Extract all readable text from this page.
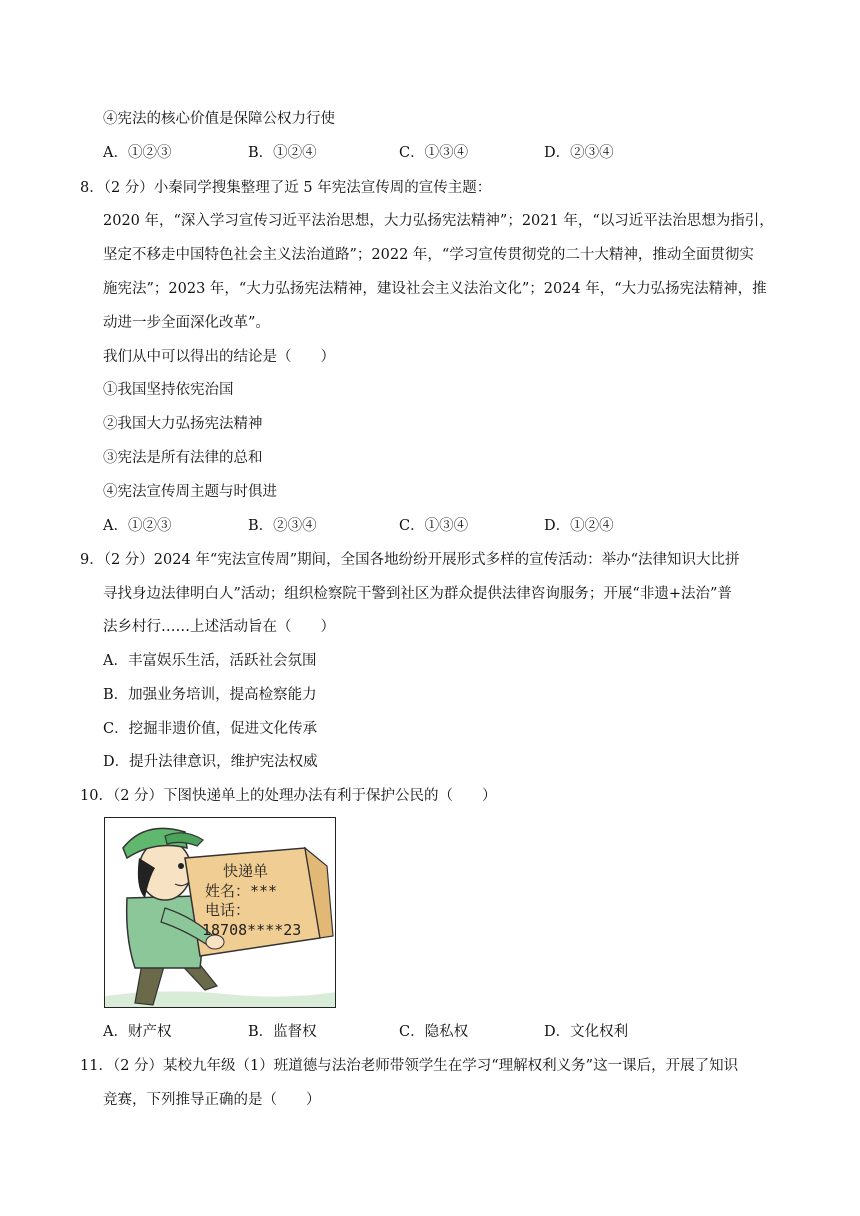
④宪法的核心价值是保障公权力行使
A．①②③	B．①②④	C．①③④	D．②③④
8．（2 分）小秦同学搜集整理了近 5 年宪法宣传周的宣传主题：
2020 年，“深入学习宣传习近平法治思想，大力弘扬宪法精神”；2021 年，“以习近平法治思想为指引，
坚定不移走中国特色社会主义法治道路”；2022 年，“学习宣传贯彻党的二十大精神，推动全面贯彻实
施宪法”；2023 年，“大力弘扬宪法精神，建设社会主义法治文化”；2024 年，“大力弘扬宪法精神，推
动进一步全面深化改革”。
我们从中可以得出的结论是（　　）
①我国坚持依宪治国
②我国大力弘扬宪法精神
③宪法是所有法律的总和
④宪法宣传周主题与时俱进
A．①②③	B．②③④	C．①③④	D．①②④
9．（2 分）2024 年“宪法宣传周”期间，全国各地纷纷开展形式多样的宣传活动：举办“法律知识大比拼
寻找身边法律明白人”活动；组织检察院干警到社区为群众提供法律咨询服务；开展“非遗+法治”普
法乡村行……上述活动旨在（　　）
A．丰富娱乐生活，活跃社会氛围
B．加强业务培训，提高检察能力
C．挖掘非遗价值，促进文化传承
D．提升法律意识，维护宪法权威
10．（2 分）下图快递单上的处理办法有利于保护公民的（　　）
快递单
姓名：***
电话：
18708****23
A．财产权	B．监督权	C．隐私权	D．文化权利
11．（2 分）某校九年级（1）班道德与法治老师带领学生在学习“理解权利义务”这一课后，开展了知识
竞赛，下列推导正确的是（　　）
